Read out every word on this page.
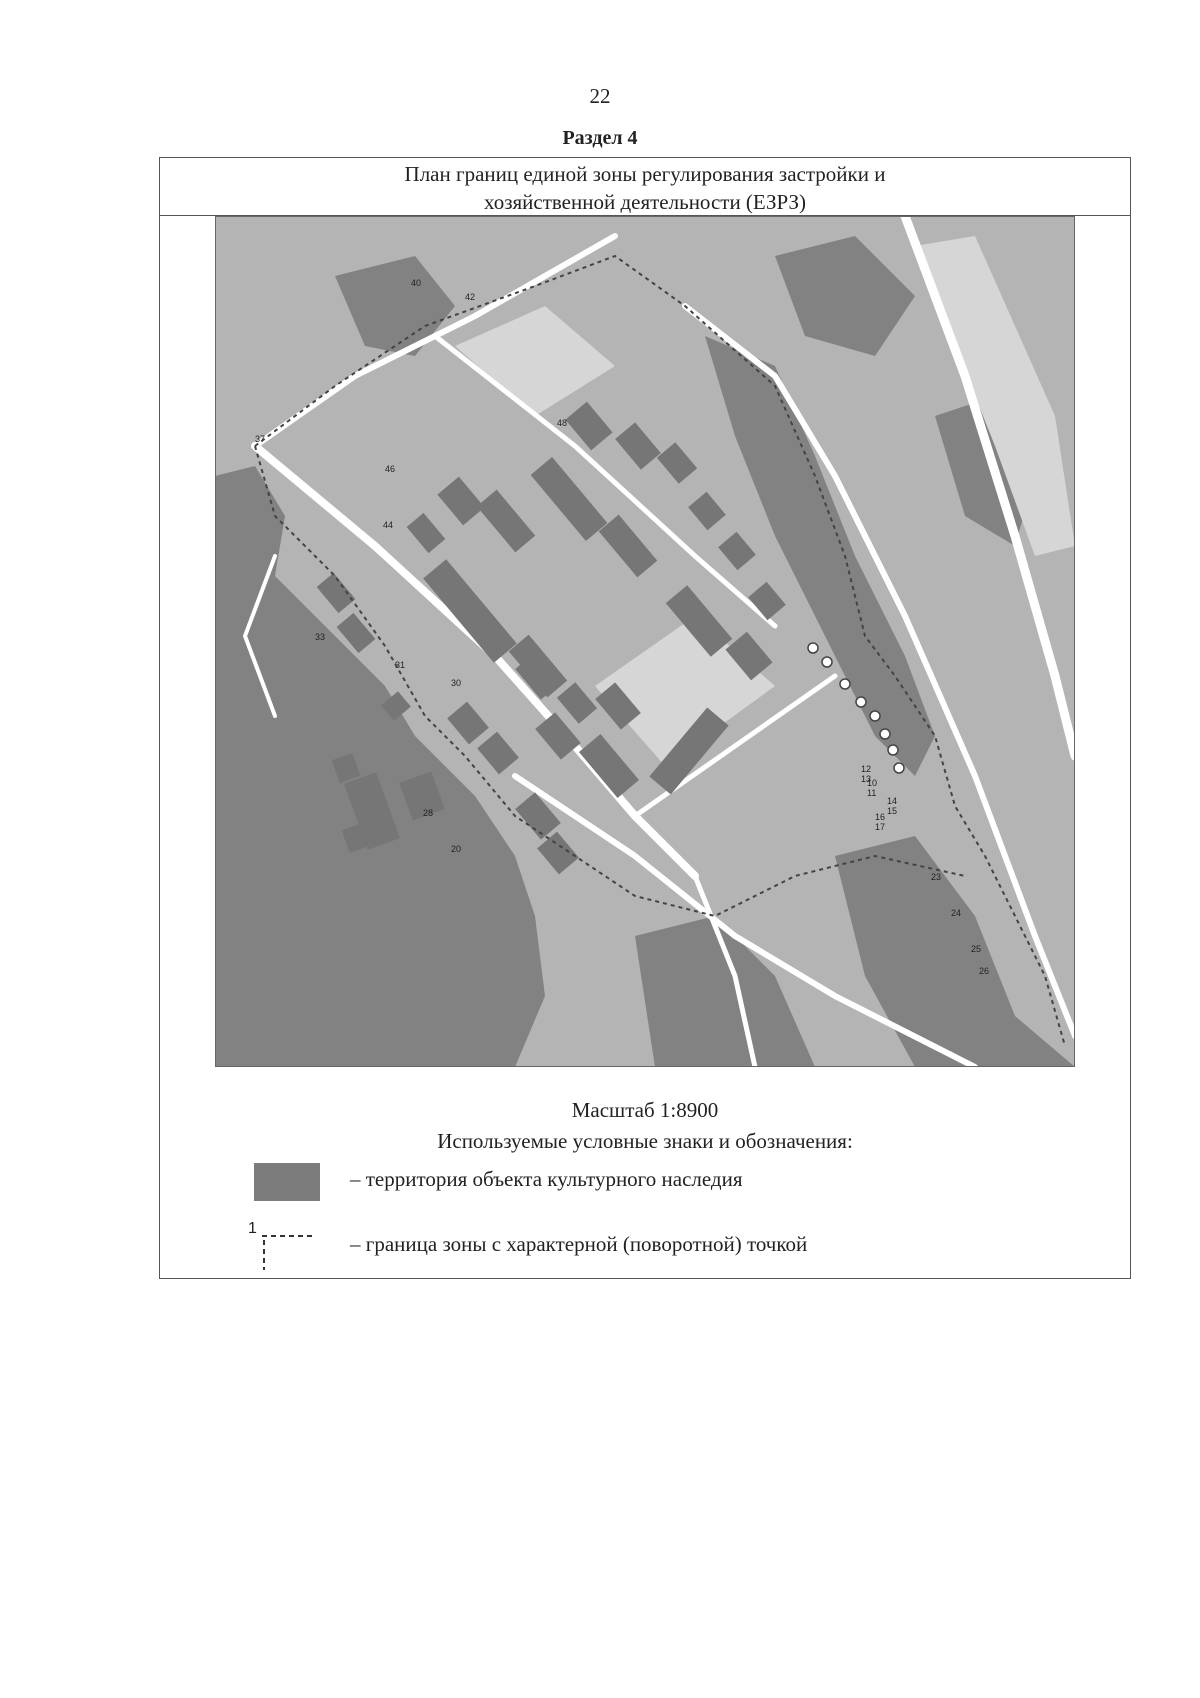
22
Раздел 4
План границ единой зоны регулирования застройки и
хозяйственной деятельности (ЕЗРЗ)
10
11
12
13
14
15
16
17
20
23
24
25
26
28
30
31
33
37
40
42
44
46
48
Масштаб 1:8900
Используемые условные знаки и обозначения:
– территория объекта культурного наследия
1
– граница зоны с характерной (поворотной) точкой
